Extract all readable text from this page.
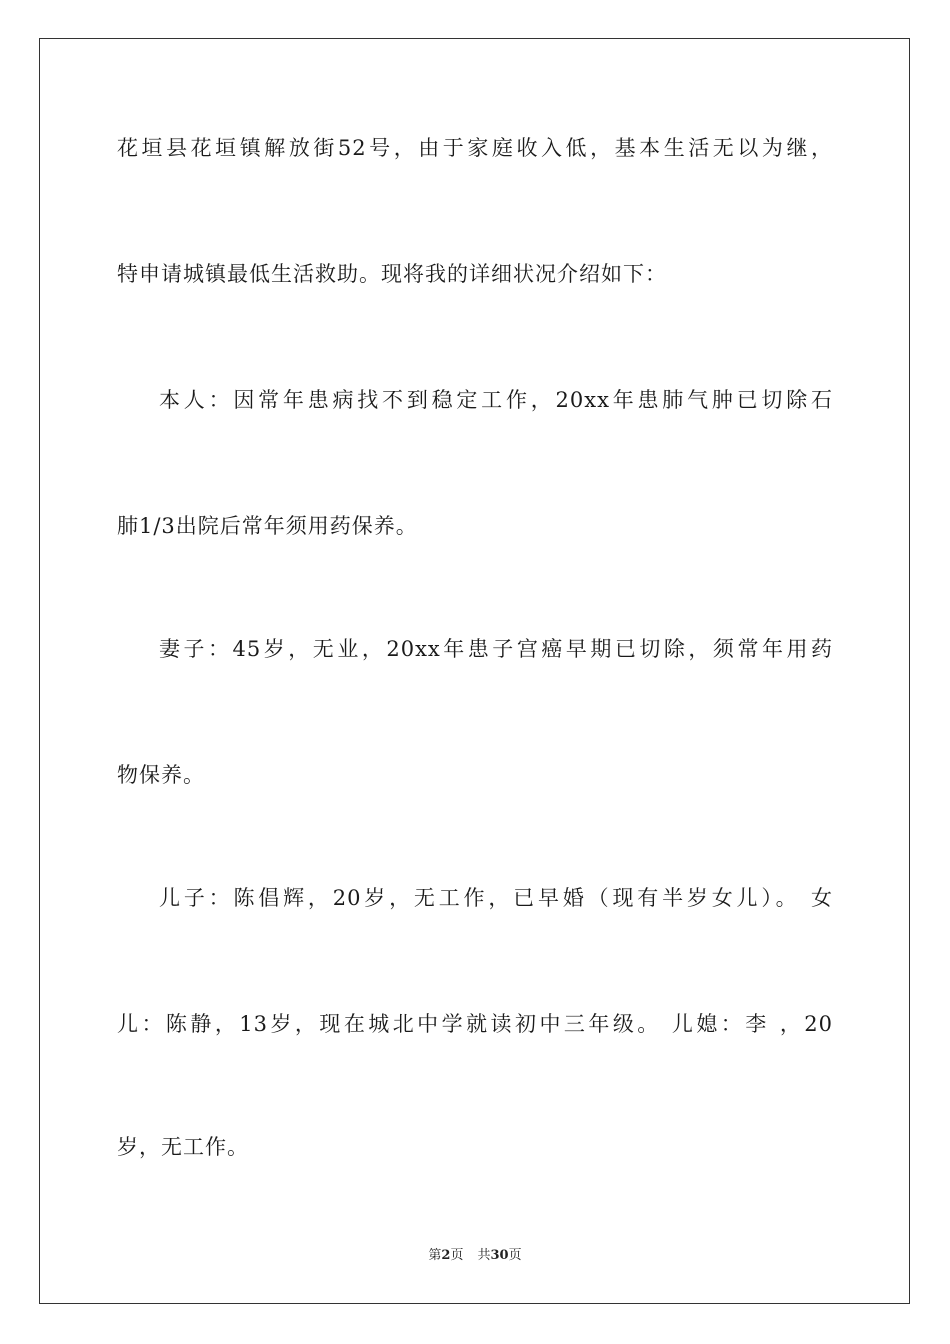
花垣县花垣镇解放街52号，由于家庭收入低，基本生活无以为继，
特申请城镇最低生活救助。现将我的详细状况介绍如下：
本人：因常年患病找不到稳定工作，20xx年患肺气肿已切除石
肺1/3出院后常年须用药保养。
妻子：45岁，无业，20xx年患子宫癌早期已切除，须常年用药
物保养。
儿子：陈倡辉，20岁，无工作，已早婚（现有半岁女儿）。 女
儿：陈静，13岁，现在城北中学就读初中三年级。 儿媳：李 ，20
岁，无工作。
第2页 共30页
